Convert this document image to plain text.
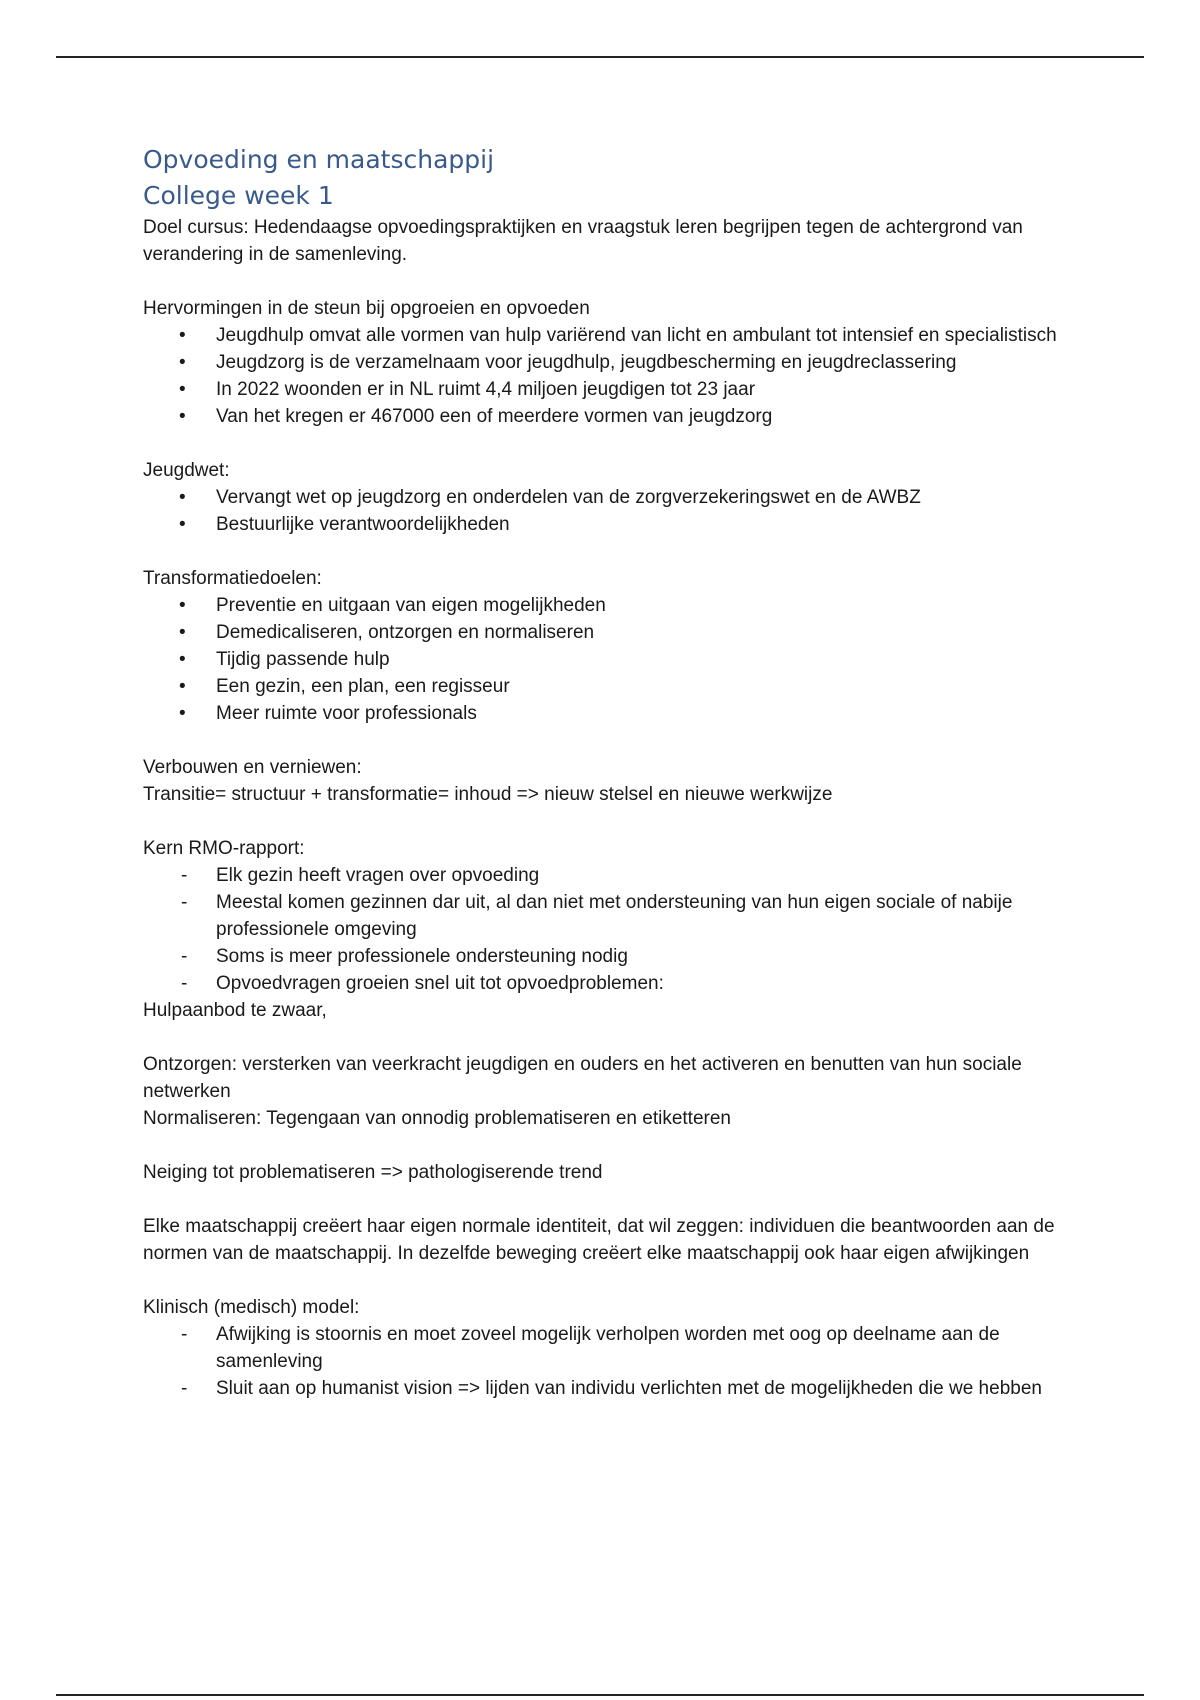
Opvoeding en maatschappij
College week 1

Doel cursus: Hedendaagse opvoedingspraktijken en vraagstuk leren begrijpen tegen de achtergrond van verandering in de samenleving.

Hervormingen in de steun bij opgroeien en opvoeden

• Jeugdhulp omvat alle vormen van hulp variërend van licht en ambulant tot intensief en specialistisch
• Jeugdzorg is de verzamelnaam voor jeugdhulp, jeugdbescherming en jeugdreclassering
• In 2022 woonden er in NL ruimt 4,4 miljoen jeugdigen tot 23 jaar
• Van het kregen er 467000 een of meerdere vormen van jeugdzorg

Jeugdwet:

• Vervangt wet op jeugdzorg en onderdelen van de zorgverzekeringswet en de AWBZ
• Bestuurlijke verantwoordelijkheden

Transformatiedoelen:

• Preventie en uitgaan van eigen mogelijkheden
• Demedicaliseren, ontzorgen en normaliseren
• Tijdig passende hulp
• Een gezin, een plan, een regisseur
• Meer ruimte voor professionals

Verbouwen en verniewen:

Transitie= structuur + transformatie= inhoud => nieuw stelsel en nieuwe werkwijze

Kern RMO-rapport:

- Elk gezin heeft vragen over opvoeding
- Meestal komen gezinnen dar uit, al dan niet met ondersteuning van hun eigen sociale of nabije professionele omgeving
- Soms is meer professionele ondersteuning nodig
- Opvoedvragen groeien snel uit tot opvoedproblemen:

Hulpaanbod te zwaar,

Ontzorgen: versterken van veerkracht jeugdigen en ouders en het activeren en benutten van hun sociale netwerken

Normaliseren: Tegengaan van onnodig problematiseren en etiketteren

Neiging tot problematiseren => pathologiserende trend

Elke maatschappij creëert haar eigen normale identiteit, dat wil zeggen: individuen die beantwoorden aan de normen van de maatschappij. In dezelfde beweging creëert elke maatschappij ook haar eigen afwijkingen

Klinisch (medisch) model:

- Afwijking is stoornis en moet zoveel mogelijk verholpen worden met oog op deelname aan de samenleving
- Sluit aan op humanist vision => lijden van individu verlichten met de mogelijkheden die we hebben
